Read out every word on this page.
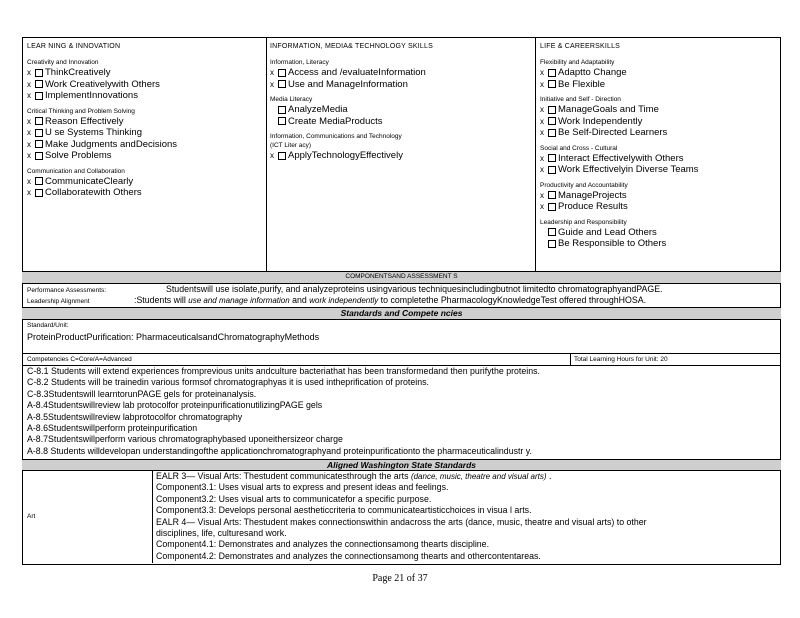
LEAR NING & INNOVATION
Creativity and Innovation
x	ThinkCreatively
x	Work Creativelywith Others
x	ImplementInnovations
Critical Thinking and Problem Solving
x	Reason Effectively
x	U se Systems Thinking
x	Make Judgments andDecisions
x	Solve Problems
Communication and Collaboration
x	CommunicateClearly
x	Collaboratewith Others
INFORMATION, MEDIA& TECHNOLOGY SKILLS
Information, Literacy
x	Access and /evaluateInformation
x	Use and ManageInformation
Media Literacy
AnalyzeMedia
Create MediaProducts
Information, Communications and Technology
(ICT Liter acy)
x	ApplyTechnologyEffectively
LIFE & CAREERSKILLS
Flexibility and Adaptability
x	Adaptto Change
x	Be Flexible
Initiative and Self - Direction
x	ManageGoals and Time
x	Work Independently
x	Be Self-Directed Learners
Social and Cross - Cultural
x	Interact Effectivelywith Others
x	Work Effectivelyin Diverse Teams
Productivity and Accountability
x	ManageProjects
x	Produce Results
Leadership and Responsibility
Guide and Lead Others
Be Responsible to Others
COMPONENTSAND ASSESSMENT S
Performance Assessments:	Studentswill use isolate,purify, and analyzeproteins usingvarious techniquesincludingbutnot limitedto chromatographyandPAGE.
Leadership Alignment	:Students will use and manage information and work independently to completethe PharmacologyKnowledgeTest offered throughHOSA.
Standards and Compete ncies
Standard/Unit:
ProteinProductPurification: PharmaceuticalsandChromatographyMethods
Competencies C=Core/A=Advanced	Total Learning Hours for Unit: 20
C-8.1 Students will extend experiences fromprevious units andculture bacteriathat has been transformedand then purifythe proteins.
C-8.2 Students will be trainedin various formsof chromatographyas it is used intheprification of proteins.
C-8.3Studentswill learntorunPAGE gels for proteinanalysis.
A-8.4Studentswillreview lab protocolfor proteinpurificationutilizingPAGE gels
A-8.5Studentswillreview labprotocolfor chromatography
A-8.6Studentswillperform proteinpurification
A-8.7Studentswillperform various chromatographybased uponeithersizeor charge
A-8.8 Students willdevelopan understandingofthe applicationchromatographyand proteinpurificationto the pharmaceuticalindustr y.
Aligned Washington State Standards
Art
EALR 3— Visual Arts: Thestudent communicatesthrough the arts (dance, music, theatre and visual arts) .
Component3.1: Uses visual arts to express and present ideas and feelings.
Component3.2: Uses visual arts to communicatefor a specific purpose.
Component3.3: Develops personal aestheticcriteria to communicateartisticchoices in visua l arts.
EALR 4— Visual Arts: Thestudent makes connectionswithin andacross the arts (dance, music, theatre and visual arts) to other
disciplines, life, culturesand work.
Component4.1: Demonstrates and analyzes the connectionsamong thearts discipline.
Component4.2: Demonstrates and analyzes the connectionsamong thearts and othercontentareas.
Page 21 of 37
